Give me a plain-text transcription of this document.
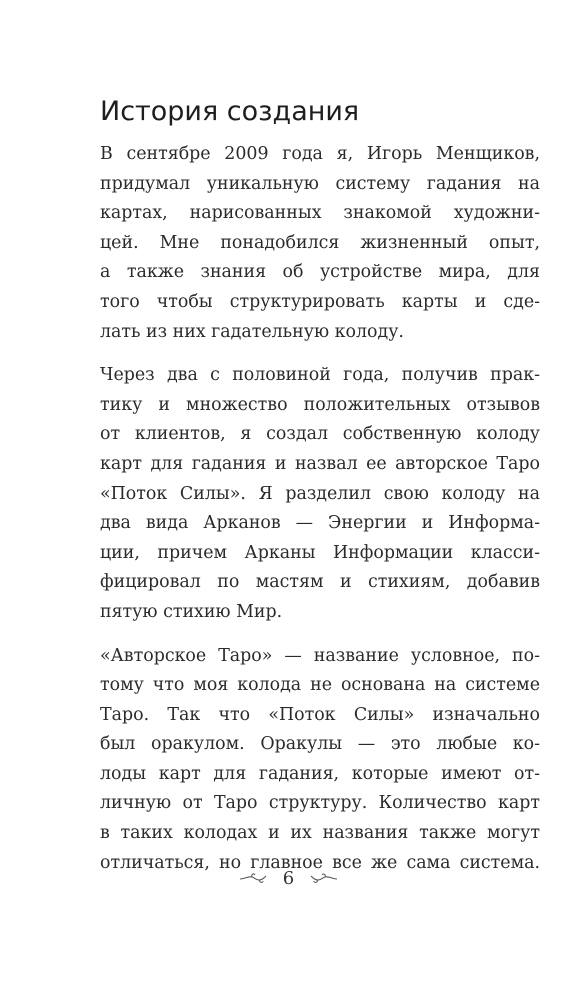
История создания

В сентябре 2009 года я, Игорь Менщиков,
придумал уникальную систему гадания на
картах, нарисованных знакомой художни-
цей. Мне понадобился жизненный опыт,
а также знания об устройстве мира, для
того чтобы структурировать карты и сде-
лать из них гадательную колоду.

Через два с половиной года, получив прак-
тику и множество положительных отзывов
от клиентов, я создал собственную колоду
карт для гадания и назвал ее авторское Таро
«Поток Силы». Я разделил свою колоду на
два вида Арканов — Энергии и Информа-
ции, причем Арканы Информации класси-
фицировал по мастям и стихиям, добавив
пятую стихию Мир.

«Авторское Таро» — название условное, по-
тому что моя колода не основана на системе
Таро. Так что «Поток Силы» изначально
был оракулом. Оракулы — это любые ко-
лоды карт для гадания, которые имеют от-
личную от Таро структуру. Количество карт
в таких колодах и их названия также могут
отличаться, но главное все же сама система.

6
